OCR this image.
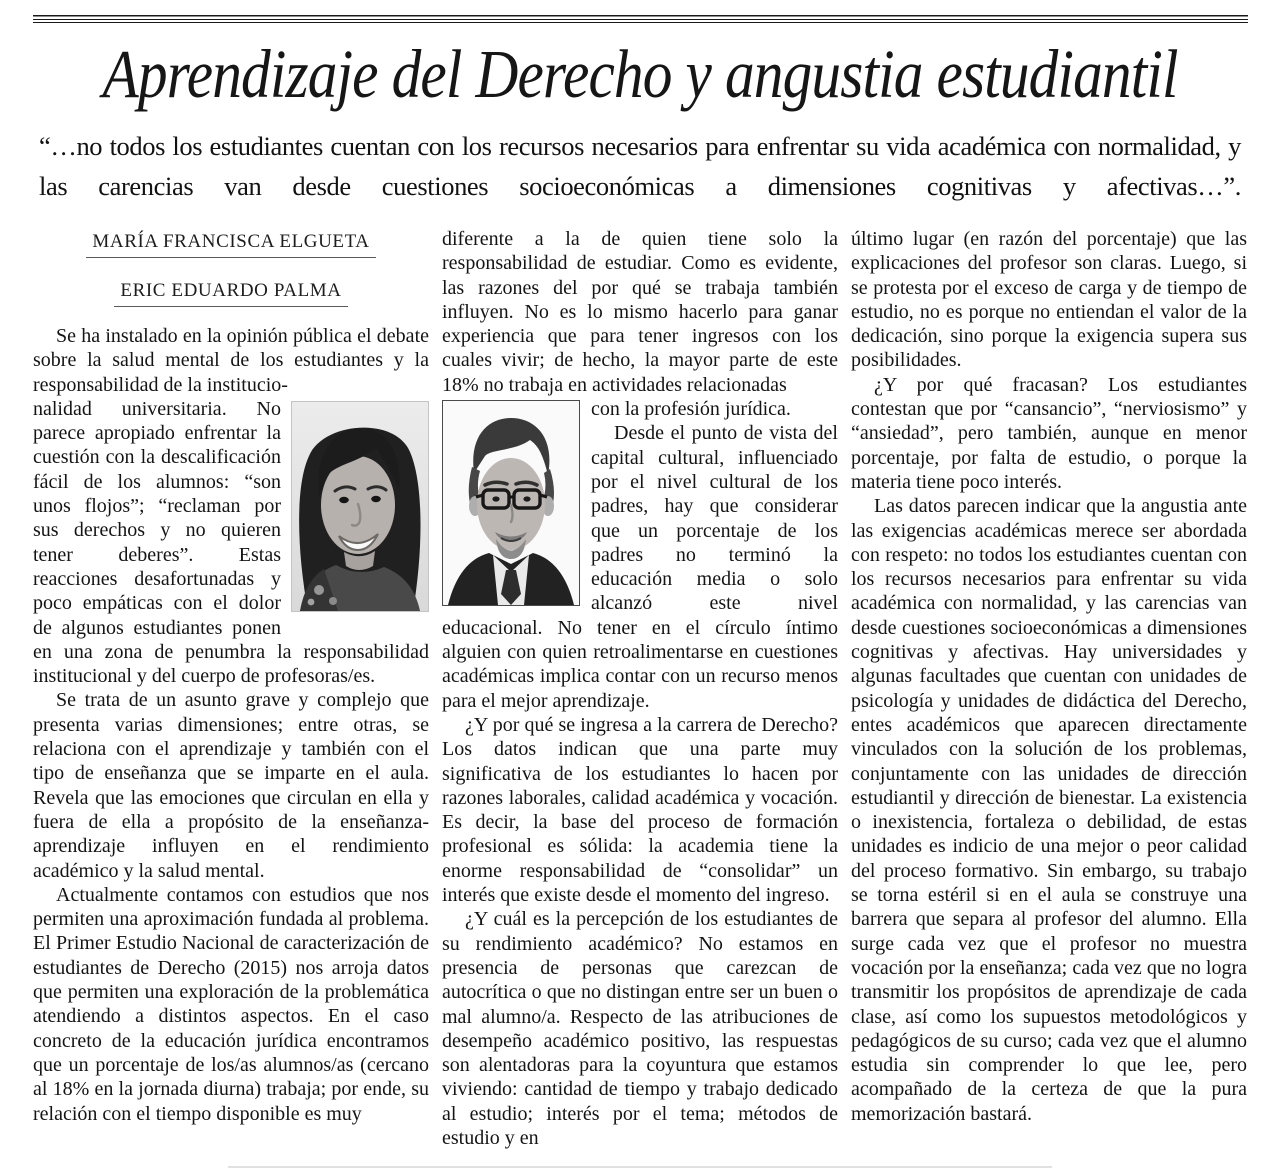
Aprendizaje del Derecho y angustia estudiantil
“…no todos los estudiantes cuentan con los recursos necesarios para enfrentar su vida académica con normalidad, y las carencias van desde cuestiones socioeconómicas a dimensiones cognitivas y afectivas…”.
MARÍA FRANCISCA ELGUETA
ERIC EDUARDO PALMA

Se ha instalado en la opinión pública el debate sobre la salud mental de los estudiantes y la responsabilidad de la institucio-

nalidad universitaria. No parece apropiado enfrentar la cuestión con la descalificación fácil de los alumnos: “son unos flojos”; “reclaman por sus derechos y no quieren tener deberes”. Estas reacciones desafortunadas y poco empáticas con el dolor de algunos estudiantes ponen en una zona de penumbra la responsabilidad institucional y del cuerpo de profesoras/es.

Se trata de un asunto grave y complejo que presenta varias dimensiones; entre otras, se relaciona con el aprendizaje y también con el tipo de enseñanza que se imparte en el aula. Revela que las emociones que circulan en ella y fuera de ella a propósito de la enseñanza-aprendizaje influyen en el rendimiento académico y la salud mental.

Actualmente contamos con estudios que nos permiten una aproximación fundada al problema. El Primer Estudio Nacional de caracterización de estudiantes de Derecho (2015) nos arroja datos que permiten una exploración de la problemática atendiendo a distintos aspectos. En el caso concreto de la educación jurídica encontramos que un porcentaje de los/as alumnos/as (cercano al 18% en la jornada diurna) trabaja; por ende, su relación con el tiempo disponible es muy

diferente a la de quien tiene solo la responsabilidad de estudiar. Como es evidente, las razones del por qué se trabaja también influyen. No es lo mismo hacerlo para ganar experiencia que para tener ingresos con los cuales vivir; de hecho, la mayor parte de este 18% no trabaja en actividades relacionadas

con la profesión jurídica.

Desde el punto de vista del capital cultural, influenciado por el nivel cultural de los padres, hay que considerar que un porcentaje de los padres no terminó la educación media o solo alcanzó este nivel educacional. No tener en el círculo íntimo alguien con quien retroalimentarse en cuestiones académicas implica contar con un recurso menos para el mejor aprendizaje.

¿Y por qué se ingresa a la carrera de Derecho? Los datos indican que una parte muy significativa de los estudiantes lo hacen por razones laborales, calidad académica y vocación. Es decir, la base del proceso de formación profesional es sólida: la academia tiene la enorme responsabilidad de “consolidar” un interés que existe desde el momento del ingreso.

¿Y cuál es la percepción de los estudiantes de su rendimiento académico? No estamos en presencia de personas que carezcan de autocrítica o que no distingan entre ser un buen o mal alumno/a. Respecto de las atribuciones de desempeño académico positivo, las respuestas son alentadoras para la coyuntura que estamos viviendo: cantidad de tiempo y trabajo dedicado al estudio; interés por el tema; métodos de estudio y en

último lugar (en razón del porcentaje) que las explicaciones del profesor son claras. Luego, si se protesta por el exceso de carga y de tiempo de estudio, no es porque no entiendan el valor de la dedicación, sino porque la exigencia supera sus posibilidades.

¿Y por qué fracasan? Los estudiantes contestan que por “cansancio”, “nerviosismo” y “ansiedad”, pero también, aunque en menor porcentaje, por falta de estudio, o porque la materia tiene poco interés.

Las datos parecen indicar que la angustia ante las exigencias académicas merece ser abordada con respeto: no todos los estudiantes cuentan con los recursos necesarios para enfrentar su vida académica con normalidad, y las carencias van desde cuestiones socioeconómicas a dimensiones cognitivas y afectivas. Hay universidades y algunas facultades que cuentan con unidades de psicología y unidades de didáctica del Derecho, entes académicos que aparecen directamente vinculados con la solución de los problemas, conjuntamente con las unidades de dirección estudiantil y dirección de bienestar. La existencia o inexistencia, fortaleza o debilidad, de estas unidades es indicio de una mejor o peor calidad del proceso formativo. Sin embargo, su trabajo se torna estéril si en el aula se construye una barrera que separa al profesor del alumno. Ella surge cada vez que el profesor no muestra vocación por la enseñanza; cada vez que no logra transmitir los propósitos de aprendizaje de cada clase, así como los supuestos metodológicos y pedagógicos de su curso; cada vez que el alumno estudia sin comprender lo que lee, pero acompañado de la certeza de que la pura memorización bastará.
